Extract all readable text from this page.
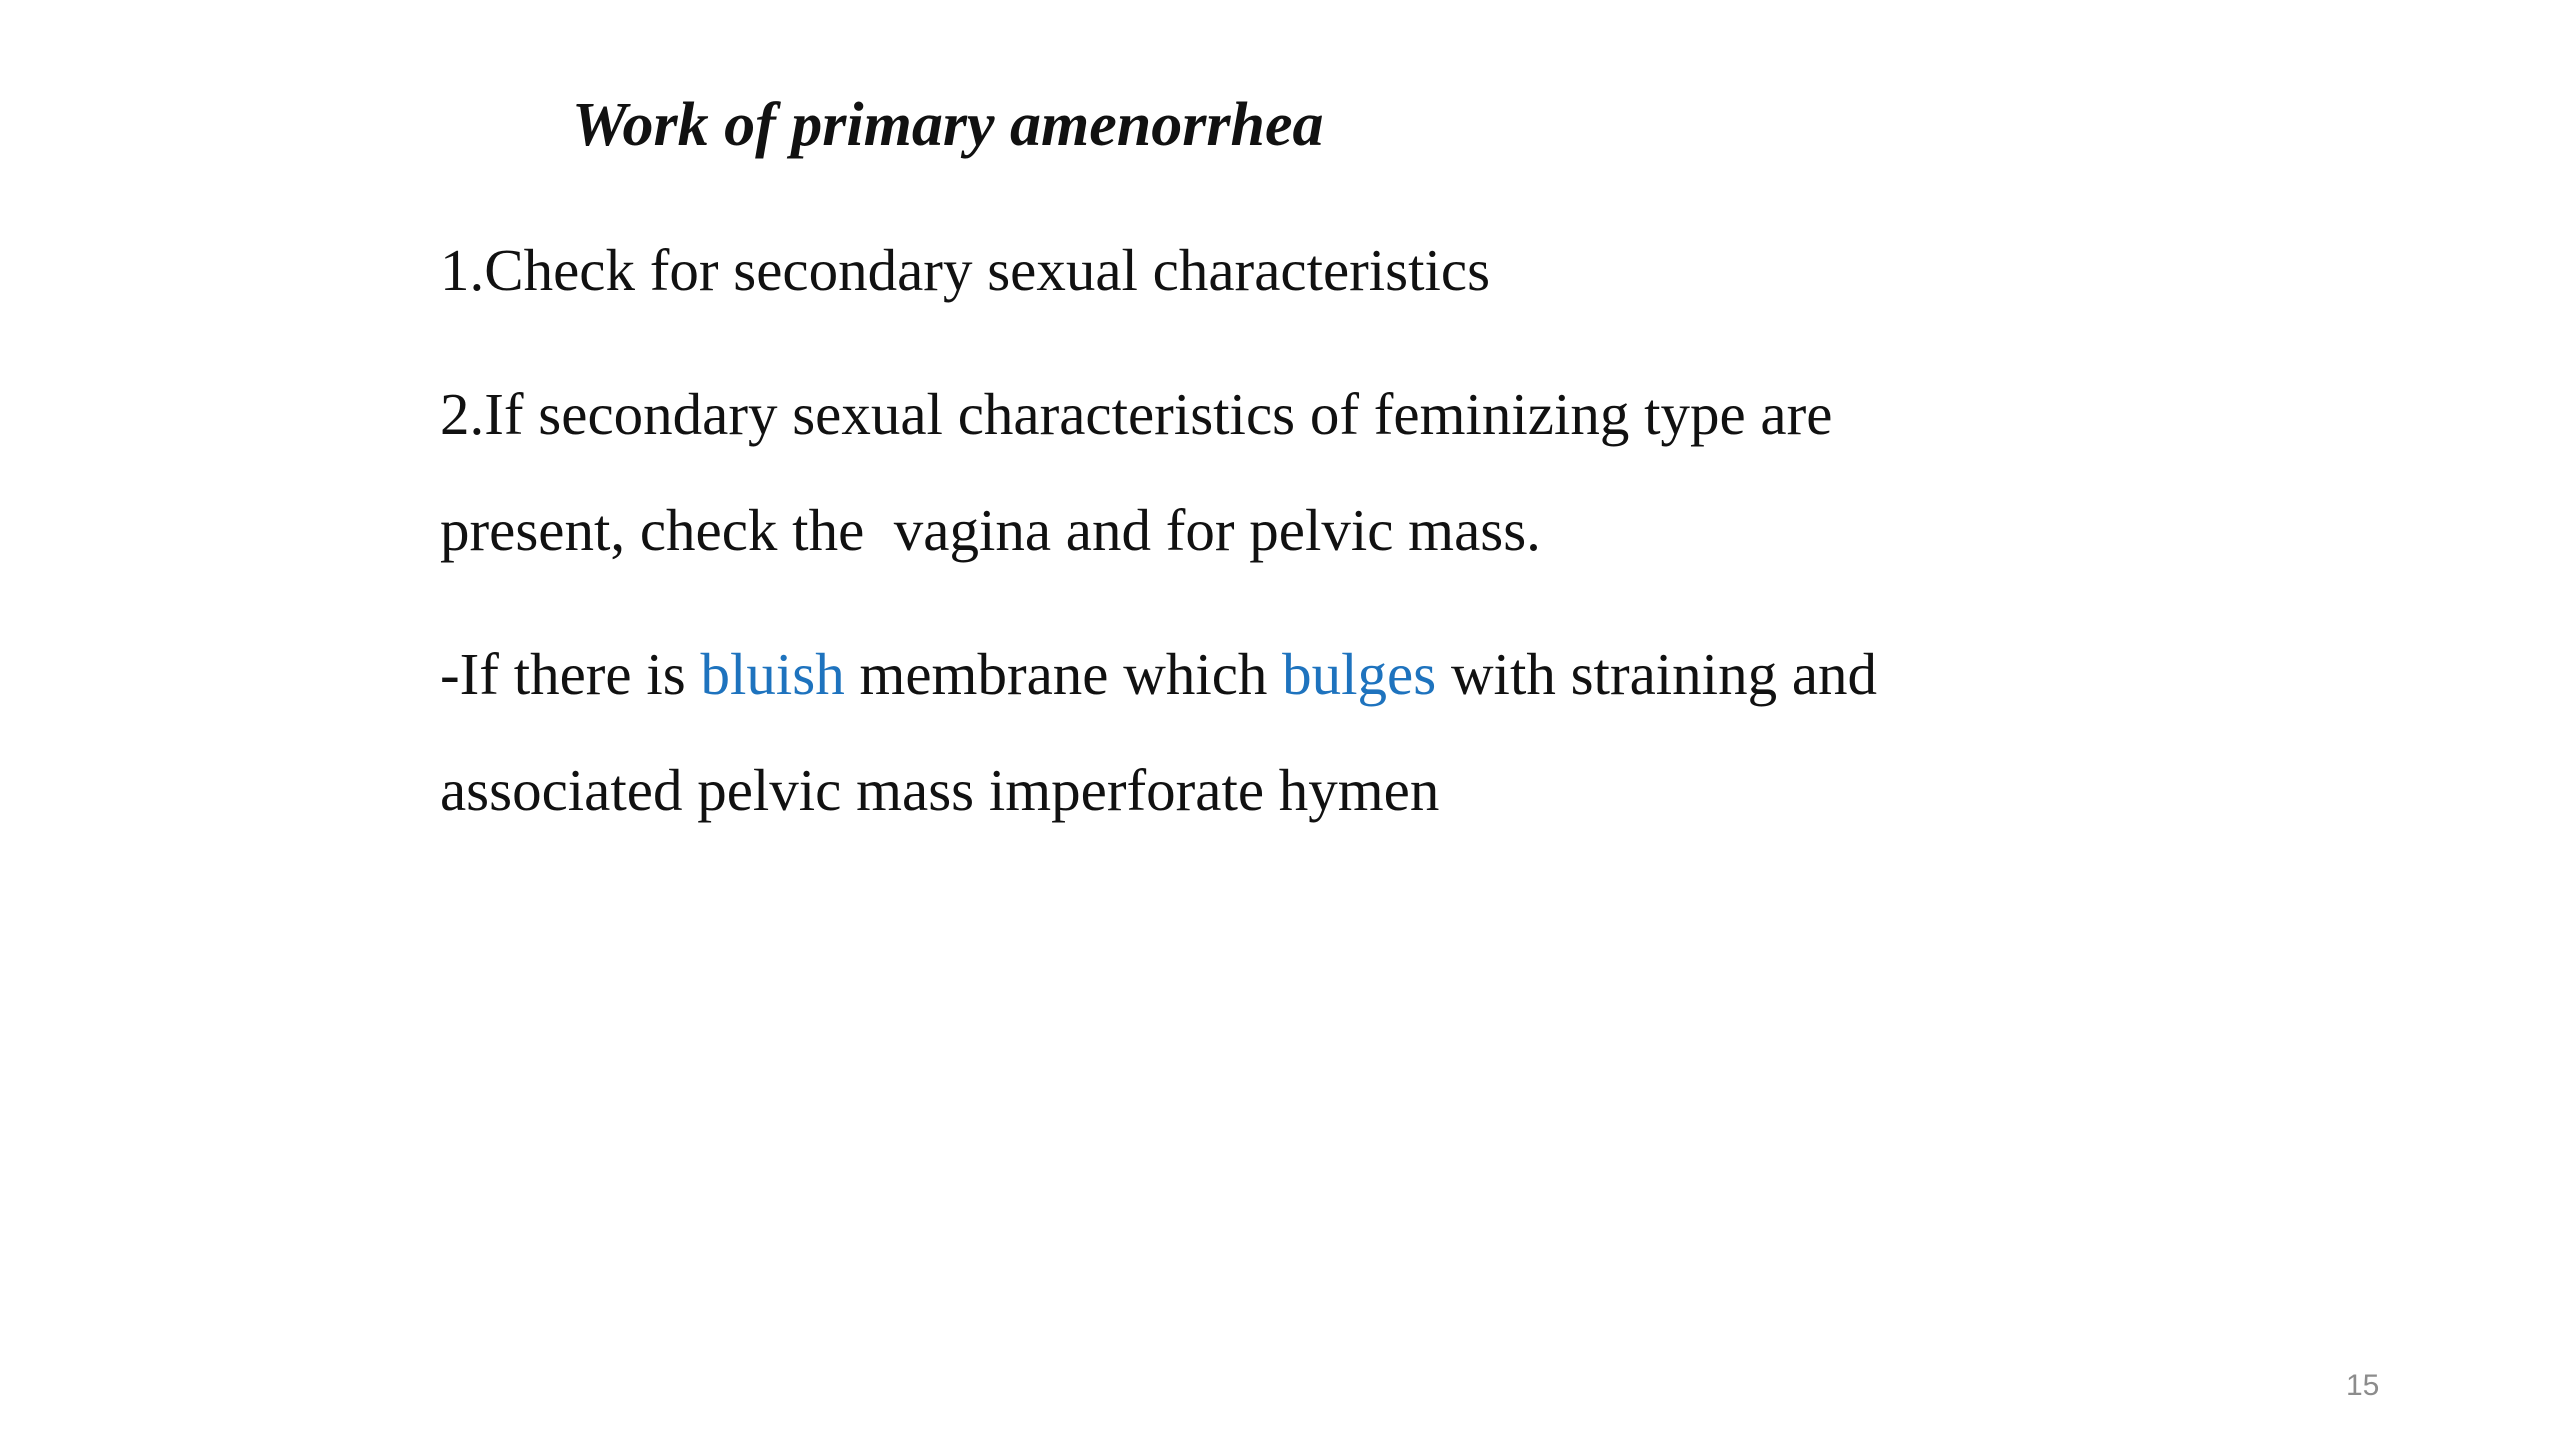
Work of primary amenorrhea
1.Check for secondary sexual characteristics
2.If secondary sexual characteristics of feminizing type are
present, check the  vagina and for pelvic mass.
-If there is bluish membrane which bulges with straining and
associated pelvic mass imperforate hymen
15
